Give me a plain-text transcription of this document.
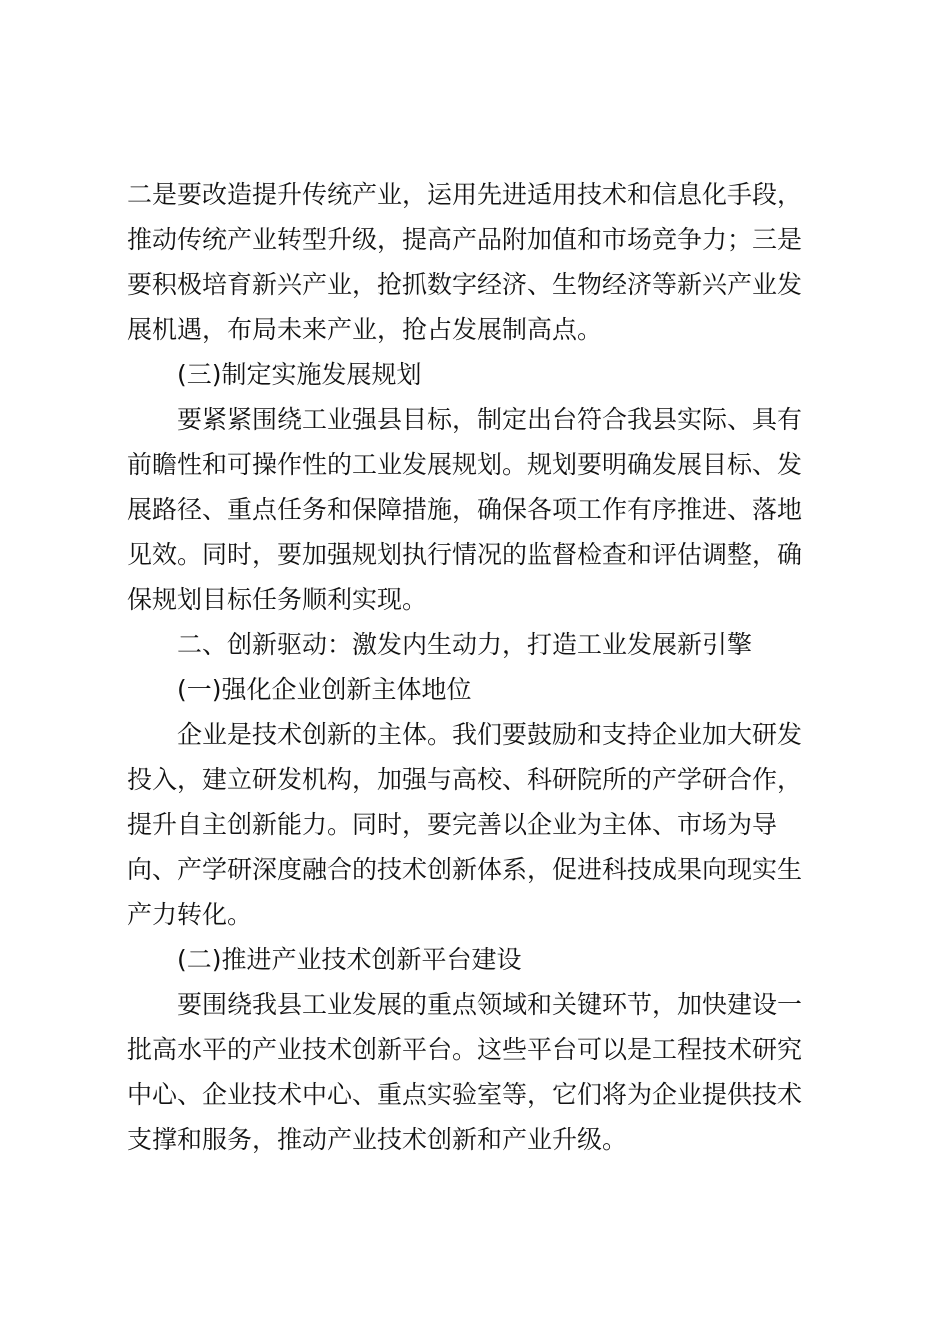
二是要改造提升传统产业，运用先进适用技术和信息化手段，
推动传统产业转型升级，提高产品附加值和市场竞争力；三是
要积极培育新兴产业，抢抓数字经济、生物经济等新兴产业发
展机遇，布局未来产业，抢占发展制高点。
(三)制定实施发展规划
要紧紧围绕工业强县目标，制定出台符合我县实际、具有
前瞻性和可操作性的工业发展规划。规划要明确发展目标、发
展路径、重点任务和保障措施，确保各项工作有序推进、落地
见效。同时，要加强规划执行情况的监督检查和评估调整，确
保规划目标任务顺利实现。
二、创新驱动：激发内生动力，打造工业发展新引擎
(一)强化企业创新主体地位
企业是技术创新的主体。我们要鼓励和支持企业加大研发
投入，建立研发机构，加强与高校、科研院所的产学研合作，
提升自主创新能力。同时，要完善以企业为主体、市场为导
向、产学研深度融合的技术创新体系，促进科技成果向现实生
产力转化。
(二)推进产业技术创新平台建设
要围绕我县工业发展的重点领域和关键环节，加快建设一
批高水平的产业技术创新平台。这些平台可以是工程技术研究
中心、企业技术中心、重点实验室等，它们将为企业提供技术
支撑和服务，推动产业技术创新和产业升级。
